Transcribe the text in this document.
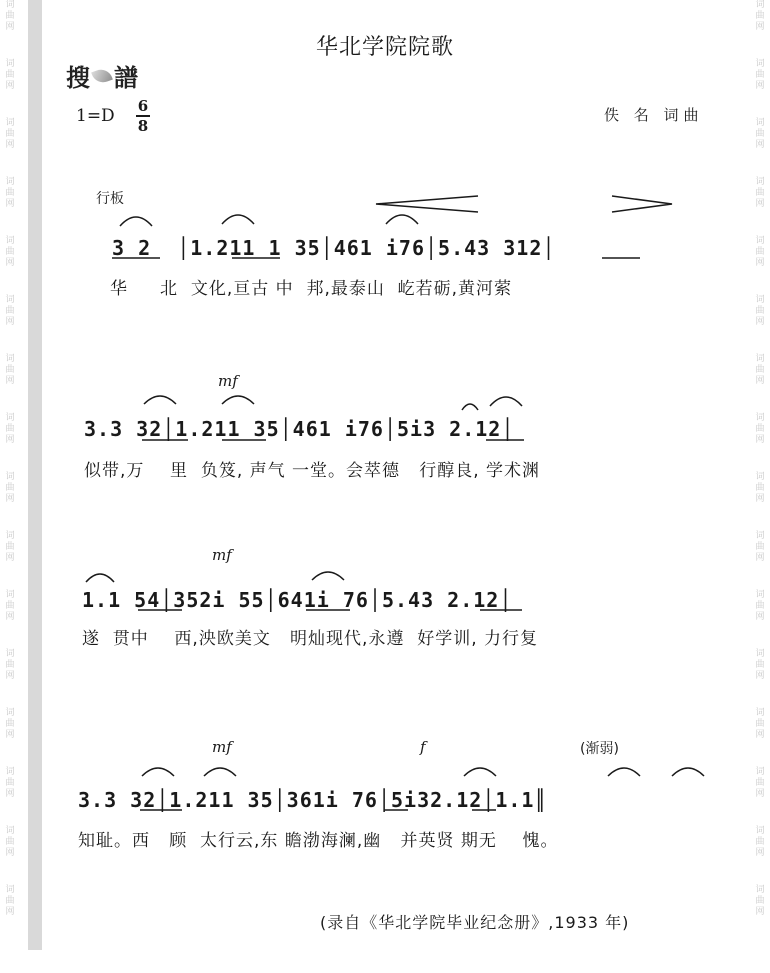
词
曲
网
词
曲
网
词
曲
网
词
曲
网
词
曲
网
词
曲
网
词
曲
网
词
曲
网
词
曲
网
词
曲
网
词
曲
网
词
曲
网
词
曲
网
词
曲
网
词
曲
网
词
曲
网
词
曲
网
词
曲
网
词
曲
网
词
曲
网
词
曲
网
词
曲
网
词
曲
网
词
曲
网
词
曲
网
词
曲
网
词
曲
网
词
曲
网
词
曲
网
词
曲
网
词
曲
网
词
曲
网
华北学院院歌
搜 譜
1=D 6
8
佚 名 词曲
行板
3 2  │1.211 1 35│461 i76│5.43 312│
华     北  文化,亘古 中  邦,最泰山  屹若砺,黄河萦
mf
3.3 32│1.211 35│461 i76│5i3 2.12│
似带,万    里  负笈, 声气 一堂。会萃德   行醇良, 学术渊
mf
1.1 54│352i 55│641i 76│5.43 2.12│
遂  贯中    西,泱欧美文   明灿现代,永遵  好学训, 力行复
mf	f	(渐弱)
3.3 32│1.211 35│361i 76│5i32.12│1.1║
知耻。西   顾  太行云,东 瞻渤海澜,幽   并英贤 期无    愧。
(录自《华北学院毕业纪念册》,1933 年)
